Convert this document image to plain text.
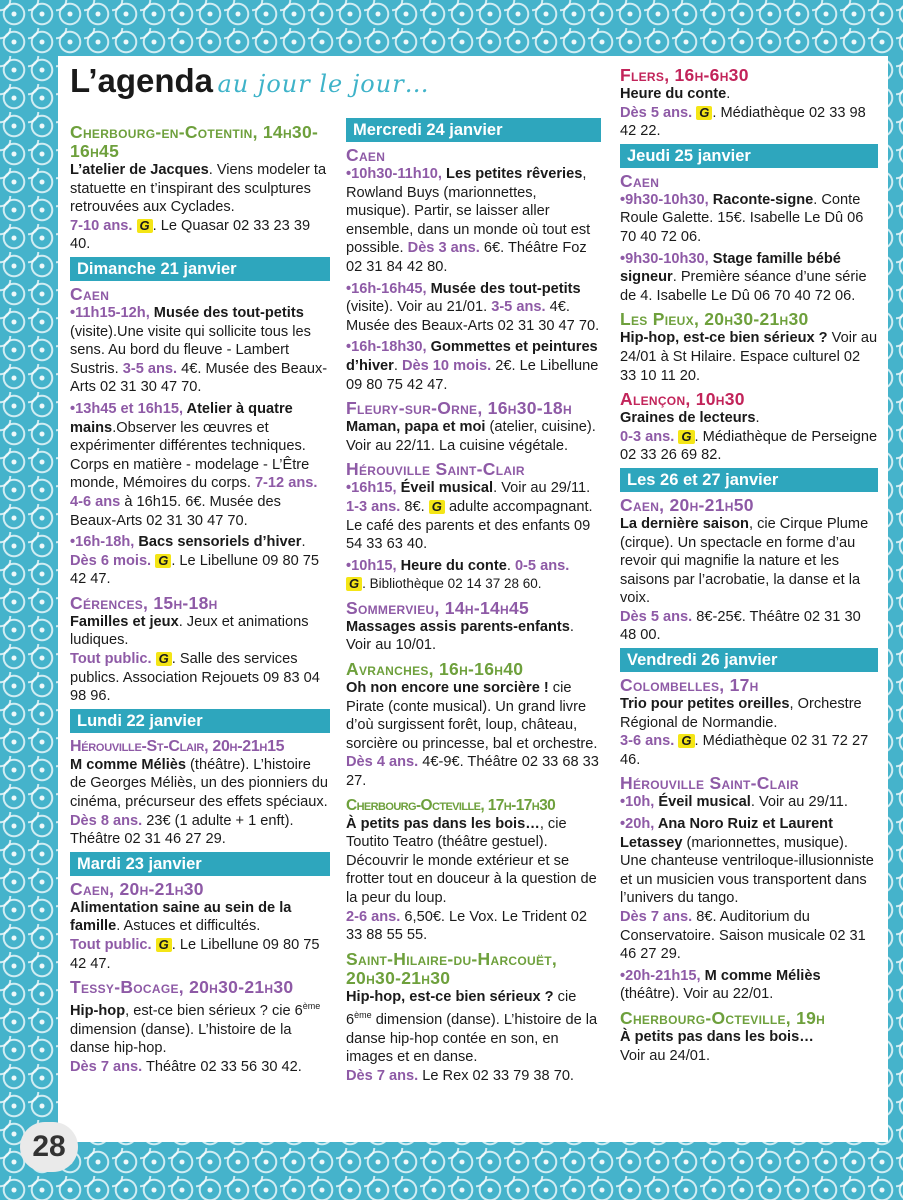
L’agenda au jour le jour…
Cherbourg-en-Cotentin, 14h30-16h45
L’atelier de Jacques. Viens modeler ta statuette en t’inspirant des sculptures retrouvées aux Cyclades.
7-10 ans. G . Le Quasar 02 33 23 39 40.
Dimanche 21 janvier
Caen
•11h15-12h, Musée des tout-petits (visite).Une visite qui sollicite tous les sens. Au bord du fleuve - Lambert Sustris. 3-5 ans. 4€. Musée des Beaux-Arts 02 31 30 47 70.
•13h45 et 16h15, Atelier à quatre mains.Observer les œuvres et expérimenter différentes techniques. Corps en matière - modelage - L’Être monde, Mémoires du corps. 7-12 ans. 4-6 ans à 16h15. 6€. Musée des Beaux-Arts 02 31 30 47 70.
•16h-18h, Bacs sensoriels d’hiver.
Dès 6 mois. G . Le Libellune 09 80 75 42 47.
Cérences, 15h-18h
Familles et jeux. Jeux et animations ludiques.
Tout public. G . Salle des services publics. Association Rejouets 09 83 04 98 96.
Lundi 22 janvier
Hérouville-St-Clair, 20h-21h15
M comme Méliès (théâtre). L’histoire de Georges Méliès, un des pionniers du cinéma, précurseur des effets spéciaux.
Dès 8 ans. 23€ (1 adulte + 1 enft). Théâtre 02 31 46 27 29.
Mardi 23 janvier
Caen, 20h-21h30
Alimentation saine au sein de la famille. Astuces et difficultés.
Tout public. G . Le Libellune 09 80 75 42 47.
Tessy-Bocage, 20h30-21h30
Hip-hop, est-ce bien sérieux ? cie 6ème dimension (danse). L’histoire de la danse hip-hop.
Dès 7 ans. Théâtre 02 33 56 30 42.
Mercredi 24 janvier
Caen
•10h30-11h10, Les petites rêveries, Rowland Buys (marionnettes, musique). Partir, se laisser aller ensemble, dans un monde où tout est possible. Dès 3 ans. 6€. Théâtre Foz 02 31 84 42 80.
•16h-16h45, Musée des tout-petits (visite). Voir au 21/01. 3-5 ans. 4€. Musée des Beaux-Arts 02 31 30 47 70.
•16h-18h30, Gommettes et peintures d’hiver. Dès 10 mois. 2€. Le Libellune 09 80 75 42 47.
Fleury-sur-Orne, 16h30-18h
Maman, papa et moi (atelier, cuisine). Voir au 22/11. La cuisine végétale.
Hérouville Saint-Clair
•16h15, Éveil musical. Voir au 29/11. 1-3 ans. 8€. G adulte accompagnant. Le café des parents et des enfants 09 54 33 63 40.
•10h15, Heure du conte. 0-5 ans.
G . Bibliothèque 02 14 37 28 60.
Sommervieu, 14h-14h45
Massages assis parents-enfants. Voir au 10/01.
Avranches, 16h-16h40
Oh non encore une sorcière ! cie Pirate (conte musical). Un grand livre d’où surgissent forêt, loup, château, sorcière ou princesse, bal et orchestre.
Dès 4 ans. 4€-9€. Théâtre 02 33 68 33 27.
Cherbourg-Octeville, 17h-17h30
À petits pas dans les bois…, cie Toutito Teatro (théâtre gestuel). Découvrir le monde extérieur et se frotter tout en douceur à la question de la peur du loup.
2-6 ans. 6,50€. Le Vox. Le Trident 02 33 88 55 55.
Saint-Hilaire-du-Harcouët, 20h30-21h30
Hip-hop, est-ce bien sérieux ? cie 6ème dimension (danse). L’histoire de la danse hip-hop contée en son, en images et en danse.
Dès 7 ans. Le Rex 02 33 79 38 70.
Flers, 16h-6h30
Heure du conte.
Dès 5 ans. G . Médiathèque 02 33 98 42 22.
Jeudi 25 janvier
Caen
•9h30-10h30, Raconte-signe. Conte Roule Galette. 15€. Isabelle Le Dû 06 70 40 72 06.
•9h30-10h30, Stage famille bébé signeur. Première séance d’une série de 4. Isabelle Le Dû 06 70 40 72 06.
Les Pieux, 20h30-21h30
Hip-hop, est-ce bien sérieux ? Voir au 24/01 à St Hilaire. Espace culturel 02 33 10 11 20.
Alençon, 10h30
Graines de lecteurs.
0-3 ans. G . Médiathèque de Perseigne 02 33 26 69 82.
Les 26 et 27 janvier
Caen, 20h-21h50
La dernière saison, cie Cirque Plume (cirque). Un spectacle en forme d’au revoir qui magnifie la nature et les saisons par l’acrobatie, la danse et la voix.
Dès 5 ans. 8€-25€. Théâtre 02 31 30 48 00.
Vendredi 26 janvier
Colombelles, 17h
Trio pour petites oreilles, Orchestre Régional de Normandie.
3-6 ans. G . Médiathèque 02 31 72 27 46.
Hérouville Saint-Clair
•10h, Éveil musical. Voir au 29/11.
•20h, Ana Noro Ruiz et Laurent Letassey (marionnettes, musique). Une chanteuse ventriloque-illusionniste et un musicien vous transportent dans l’univers du tango.
Dès 7 ans. 8€. Auditorium du Conservatoire. Saison musicale 02 31 46 27 29.
•20h-21h15, M comme Méliès (théâtre). Voir au 22/01.
Cherbourg-Octeville, 19h
À petits pas dans les bois…
Voir au 24/01.
28
